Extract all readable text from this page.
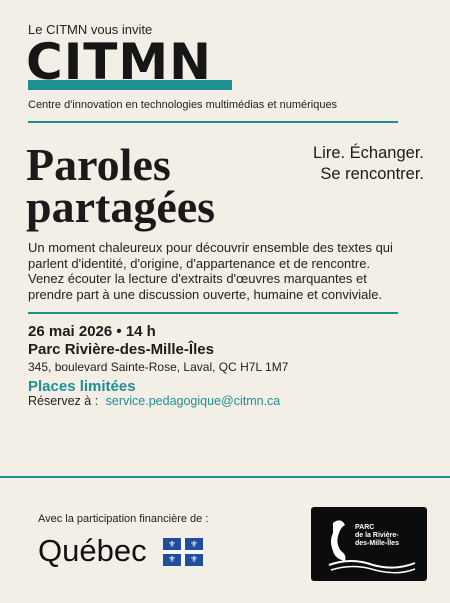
Le CITMN vous invite
CITMN
Centre d'innovation en technologies multimédias et numériques
Paroles
partagées
Lire. Échanger.
Se rencontrer.
Un moment chaleureux pour découvrir ensemble des textes qui parlent d'identité, d'origine, d'appartenance et de rencontre. Venez écouter la lecture d'extraits d'œuvres marquantes et prendre part à une discussion ouverte, humaine et conviviale.
26 mai 2026 • 14 h
Parc Rivière-des-Mille-Îles
345, boulevard Sainte-Rose, Laval, QC H7L 1M7
Places limitées
Réservez à : service.pedagogique@citmn.ca
Avec la participation financière de :
Québec ⚜ ⚜
⚜ ⚜
PARC
de la Rivière-
des-Mille-Îles
